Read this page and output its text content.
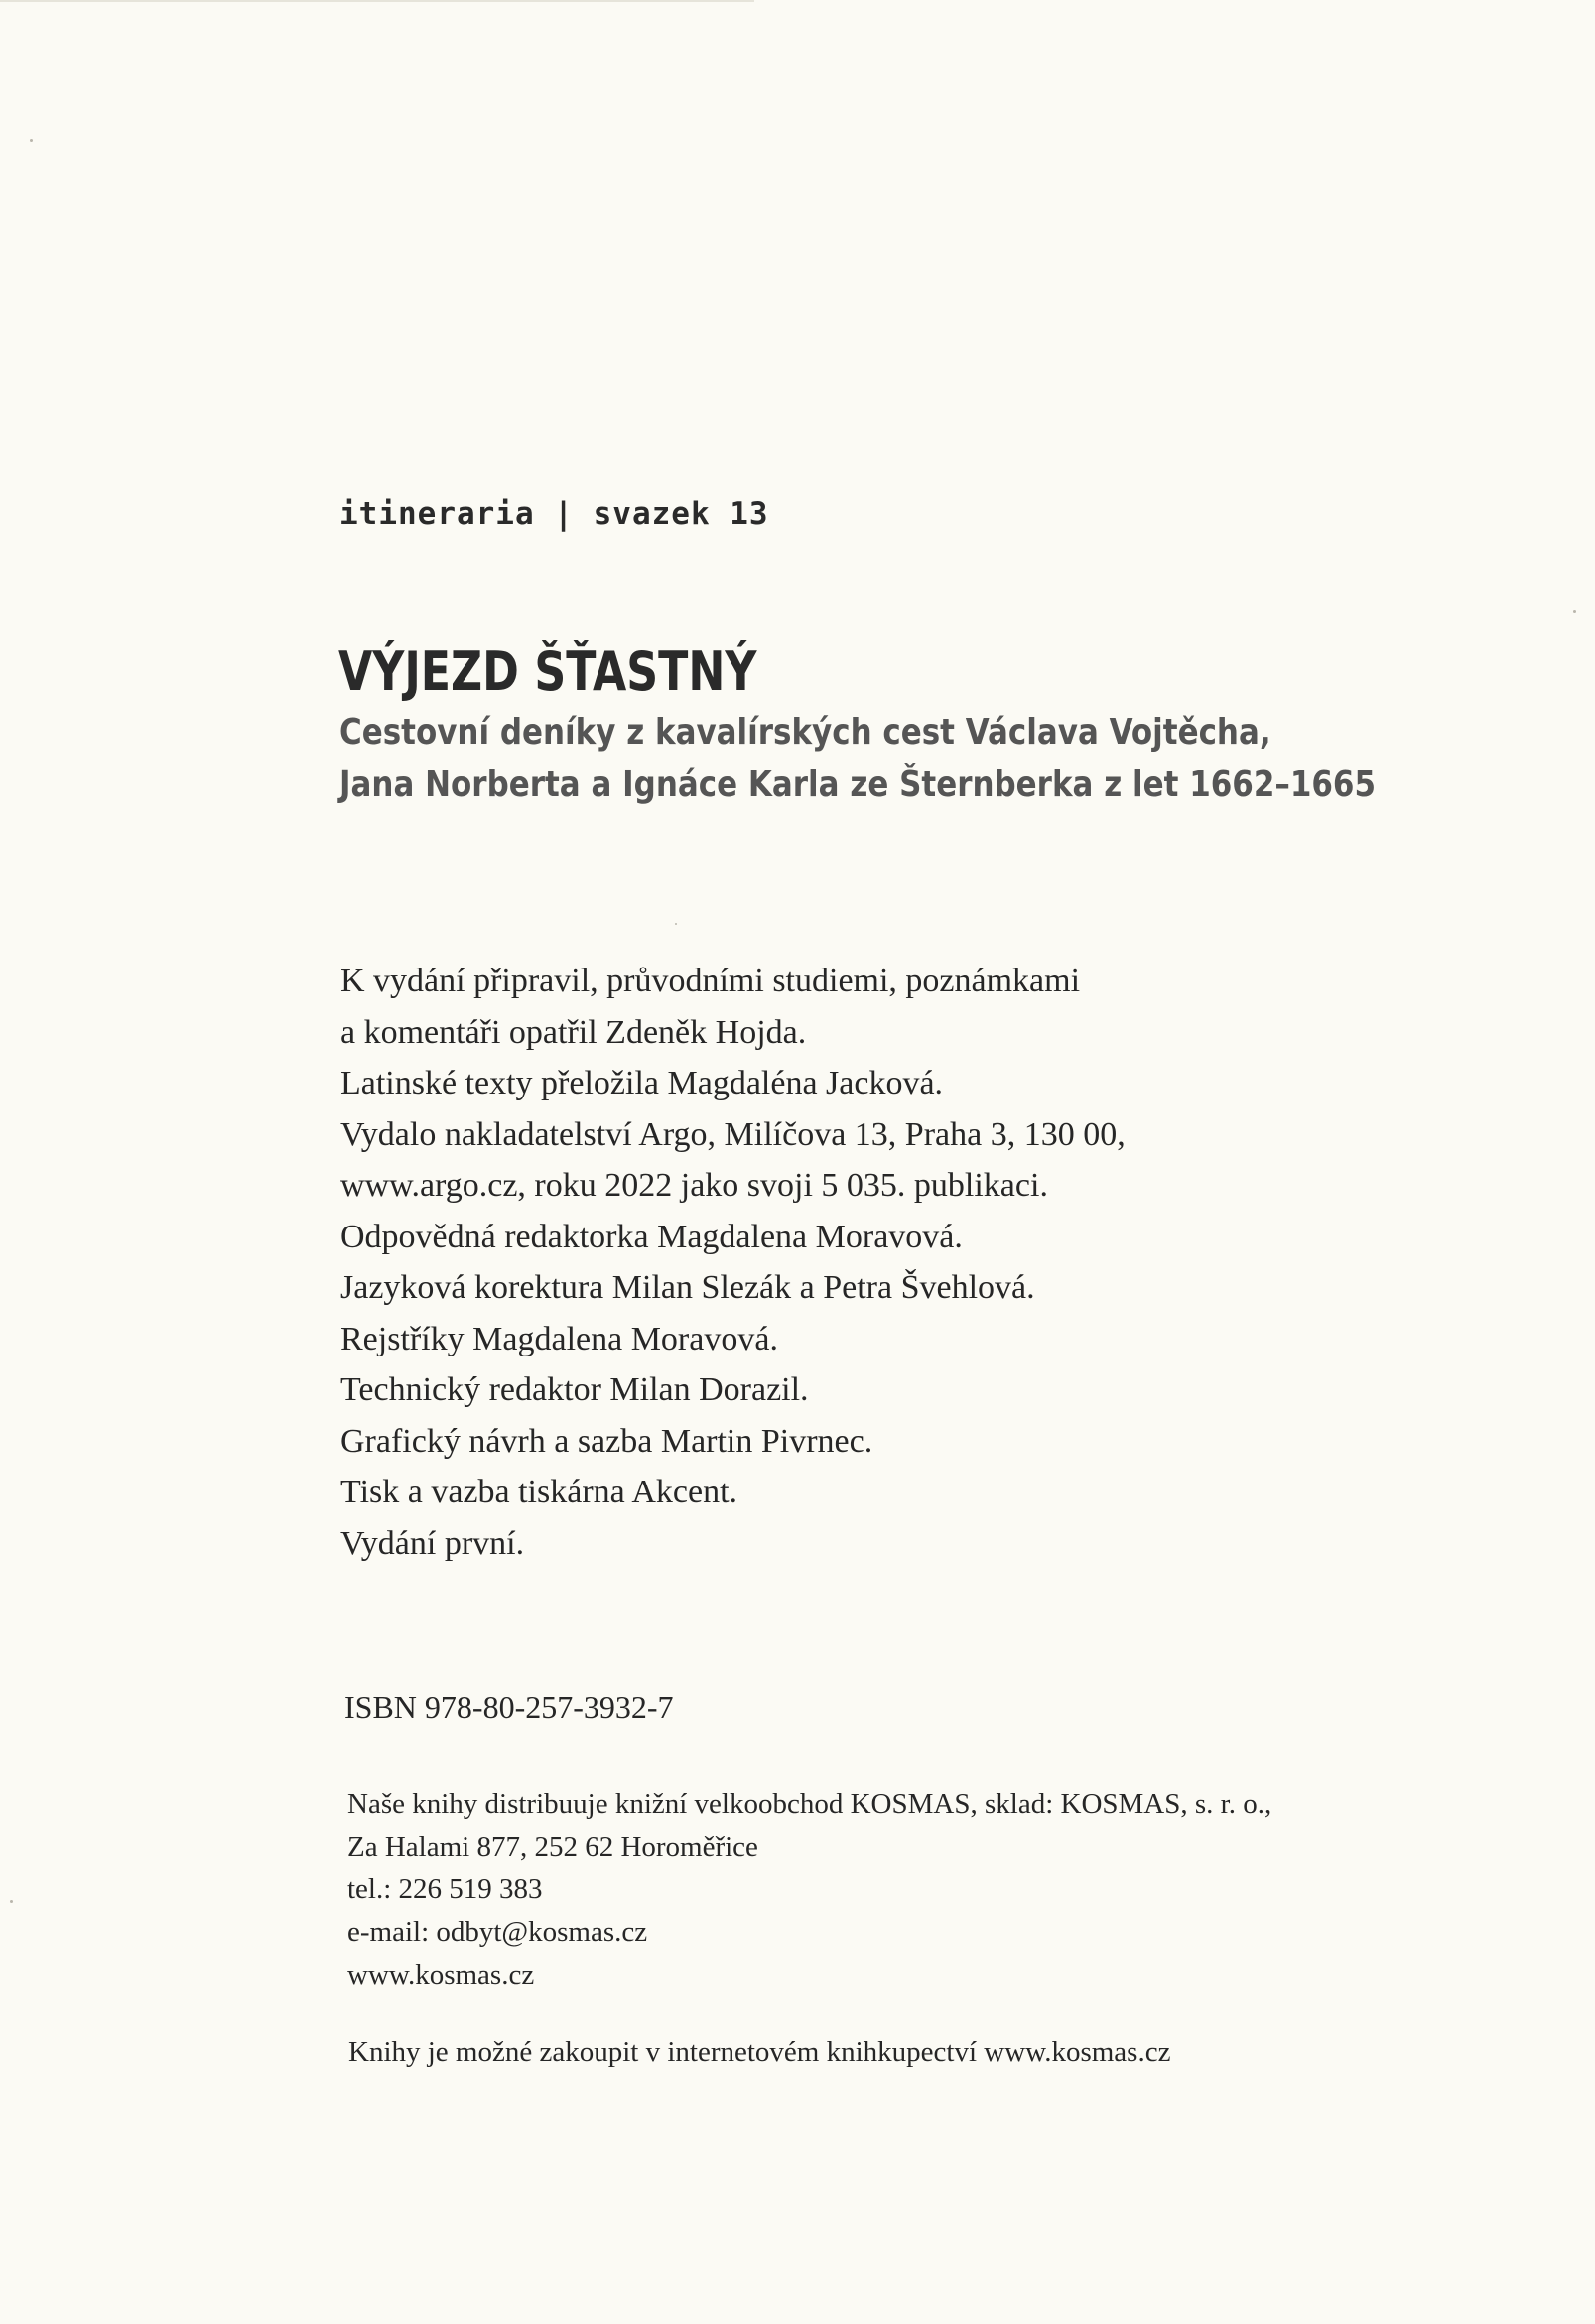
itineraria | svazek 13
VÝJEZD ŠŤASTNÝ
Cestovní deníky z kavalírských cest Václava Vojtěcha,
Jana Norberta a Ignáce Karla ze Šternberka z let 1662–1665
K vydání připravil, průvodními studiemi, poznámkami
a komentáři opatřil Zdeněk Hojda.
Latinské texty přeložila Magdaléna Jacková.
Vydalo nakladatelství Argo, Milíčova 13, Praha 3, 130 00,
www.argo.cz, roku 2022 jako svoji 5 035. publikaci.
Odpovědná redaktorka Magdalena Moravová.
Jazyková korektura Milan Slezák a Petra Švehlová.
Rejstříky Magdalena Moravová.
Technický redaktor Milan Dorazil.
Grafický návrh a sazba Martin Pivrnec.
Tisk a vazba tiskárna Akcent.
Vydání první.
ISBN 978-80-257-3932-7
Naše knihy distribuuje knižní velkoobchod KOSMAS, sklad: KOSMAS, s. r. o.,
Za Halami 877, 252 62 Horoměřice
tel.: 226 519 383
e-mail: odbyt@kosmas.cz
www.kosmas.cz
Knihy je možné zakoupit v internetovém knihkupectví www.kosmas.cz
